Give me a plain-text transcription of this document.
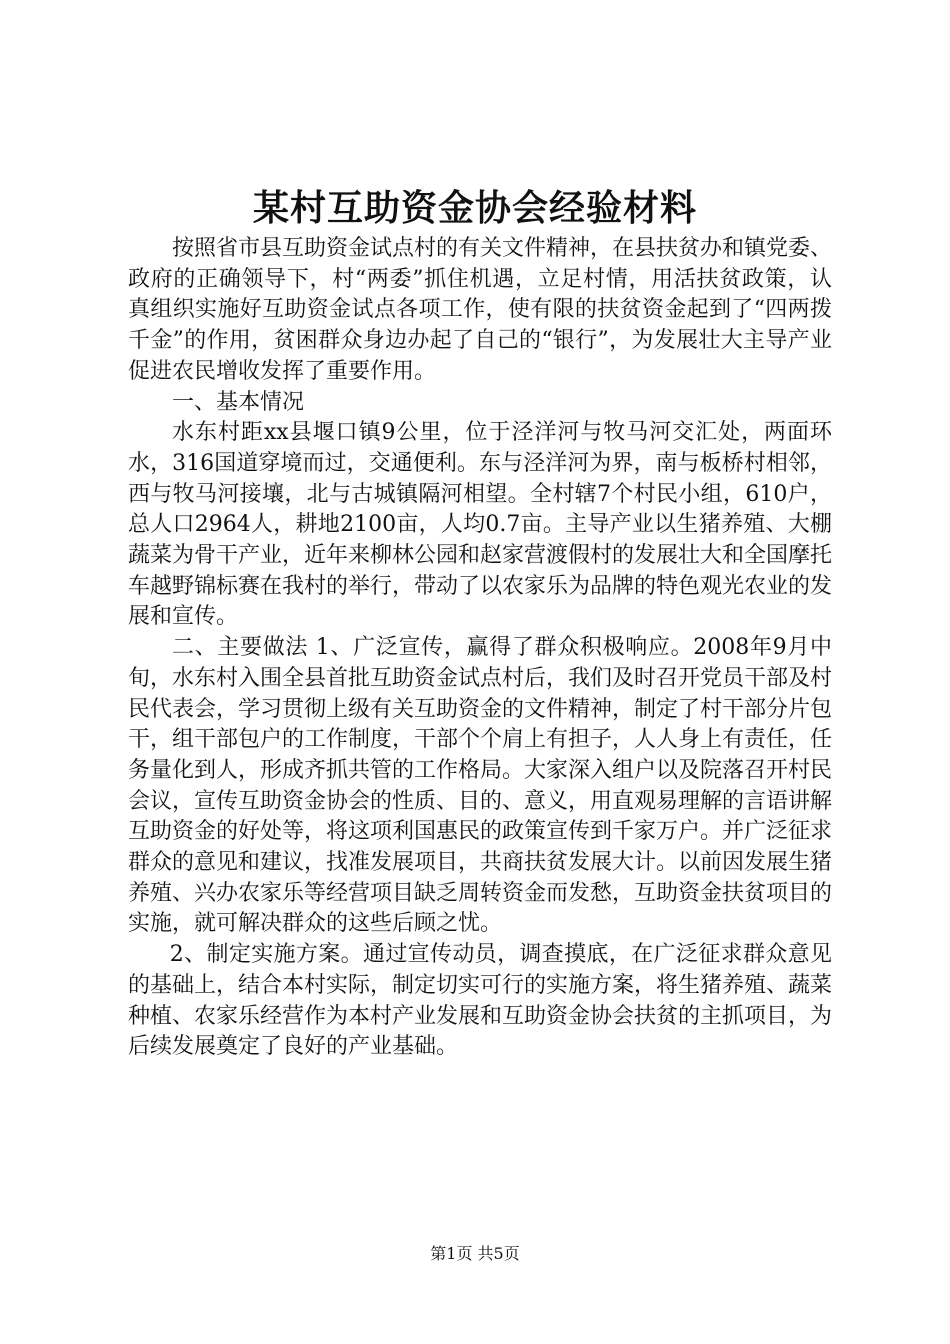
某村互助资金协会经验材料

按照省市县互助资金试点村的有关文件精神，在县扶贫办和镇党委、政府的正确领导下，村“两委”抓住机遇，立足村情，用活扶贫政策，认真组织实施好互助资金试点各项工作，使有限的扶贫资金起到了“四两拨千金”的作用，贫困群众身边办起了自己的“银行”，为发展壮大主导产业促进农民增收发挥了重要作用。

一、基本情况

水东村距xx县堰口镇9公里，位于泾洋河与牧马河交汇处，两面环水，316国道穿境而过，交通便利。东与泾洋河为界，南与板桥村相邻，西与牧马河接壤，北与古城镇隔河相望。全村辖7个村民小组，610户，总人口2964人，耕地2100亩，人均0.7亩。主导产业以生猪养殖、大棚蔬菜为骨干产业，近年来柳林公园和赵家营渡假村的发展壮大和全国摩托车越野锦标赛在我村的举行，带动了以农家乐为品牌的特色观光农业的发展和宣传。

二、主要做法 1、广泛宣传，赢得了群众积极响应。2008年9月中旬，水东村入围全县首批互助资金试点村后，我们及时召开党员干部及村民代表会，学习贯彻上级有关互助资金的文件精神，制定了村干部分片包干，组干部包户的工作制度，干部个个肩上有担子，人人身上有责任，任务量化到人，形成齐抓共管的工作格局。大家深入组户以及院落召开村民会议，宣传互助资金协会的性质、目的、意义，用直观易理解的言语讲解互助资金的好处等，将这项利国惠民的政策宣传到千家万户。并广泛征求群众的意见和建议，找准发展项目，共商扶贫发展大计。以前因发展生猪养殖、兴办农家乐等经营项目缺乏周转资金而发愁，互助资金扶贫项目的实施，就可解决群众的这些后顾之忧。

2、制定实施方案。通过宣传动员，调查摸底，在广泛征求群众意见的基础上，结合本村实际，制定切实可行的实施方案，将生猪养殖、蔬菜种植、农家乐经营作为本村产业发展和互助资金协会扶贫的主抓项目，为后续发展奠定了良好的产业基础。

第1页 共5页
